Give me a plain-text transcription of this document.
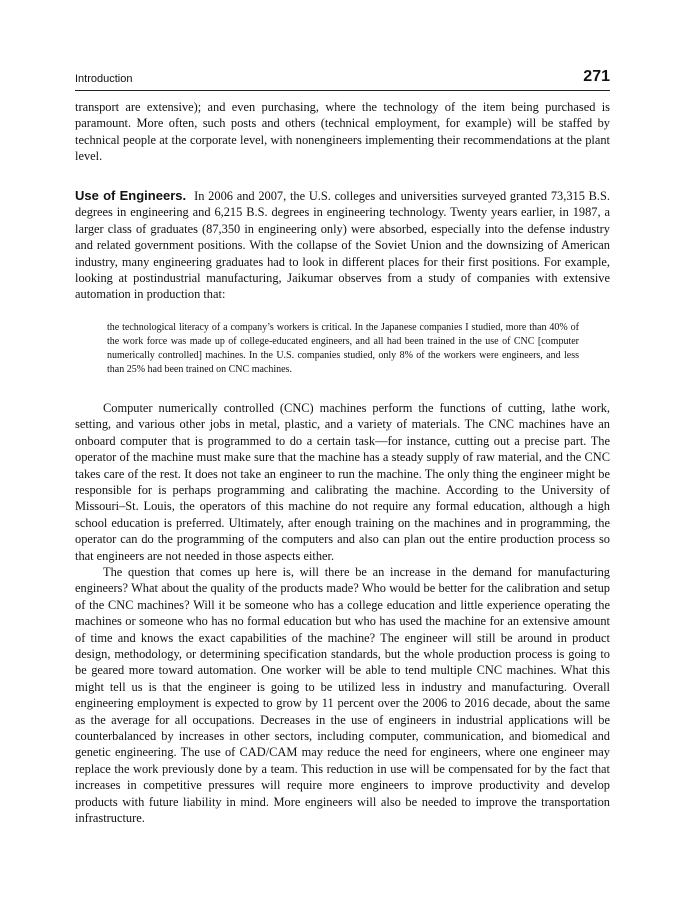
Introduction	271

transport are extensive); and even purchasing, where the technology of the item being purchased is paramount. More often, such posts and others (technical employment, for example) will be staffed by technical people at the corporate level, with nonengineers implementing their recommendations at the plant level.

Use of Engineers. In 2006 and 2007, the U.S. colleges and universities surveyed granted 73,315 B.S. degrees in engineering and 6,215 B.S. degrees in engineering technology. Twenty years earlier, in 1987, a larger class of graduates (87,350 in engineering only) were absorbed, especially into the defense industry and related government positions. With the collapse of the Soviet Union and the downsizing of American industry, many engineering graduates had to look in different places for their first positions. For example, looking at postindustrial manufacturing, Jaikumar observes from a study of companies with extensive automation in production that:

the technological literacy of a company’s workers is critical. In the Japanese companies I studied, more than 40% of the work force was made up of college-educated engineers, and all had been trained in the use of CNC [computer numerically controlled] machines. In the U.S. companies studied, only 8% of the workers were engineers, and less than 25% had been trained on CNC machines.

Computer numerically controlled (CNC) machines perform the functions of cutting, lathe work, setting, and various other jobs in metal, plastic, and a variety of materials. The CNC machines have an onboard computer that is programmed to do a certain task—for instance, cutting out a precise part. The operator of the machine must make sure that the machine has a steady supply of raw material, and the CNC takes care of the rest. It does not take an engineer to run the machine. The only thing the engineer might be responsible for is perhaps programming and calibrating the machine. According to the University of Missouri–St. Louis, the operators of this machine do not require any formal education, although a high school education is preferred. Ultimately, after enough training on the machines and in programming, the operator can do the programming of the computers and also can plan out the entire production process so that engineers are not needed in those aspects either.

The question that comes up here is, will there be an increase in the demand for manufacturing engineers? What about the quality of the products made? Who would be better for the calibration and setup of the CNC machines? Will it be someone who has a college education and little experience operating the machines or someone who has no formal education but who has used the machine for an extensive amount of time and knows the exact capabilities of the machine? The engineer will still be around in product design, methodology, or determining specification standards, but the whole production process is going to be geared more toward automation. One worker will be able to tend multiple CNC machines. What this might tell us is that the engineer is going to be utilized less in industry and manufacturing. Overall engineering employment is expected to grow by 11 percent over the 2006 to 2016 decade, about the same as the average for all occupations. Decreases in the use of engineers in industrial applications will be counterbalanced by increases in other sectors, including computer, communication, and biomedical and genetic engineering. The use of CAD/CAM may reduce the need for engineers, where one engineer may replace the work previously done by a team. This reduction in use will be compensated for by the fact that increases in competitive pressures will require more engineers to improve productivity and develop products with future liability in mind. More engineers will also be needed to improve the transportation infrastructure.
